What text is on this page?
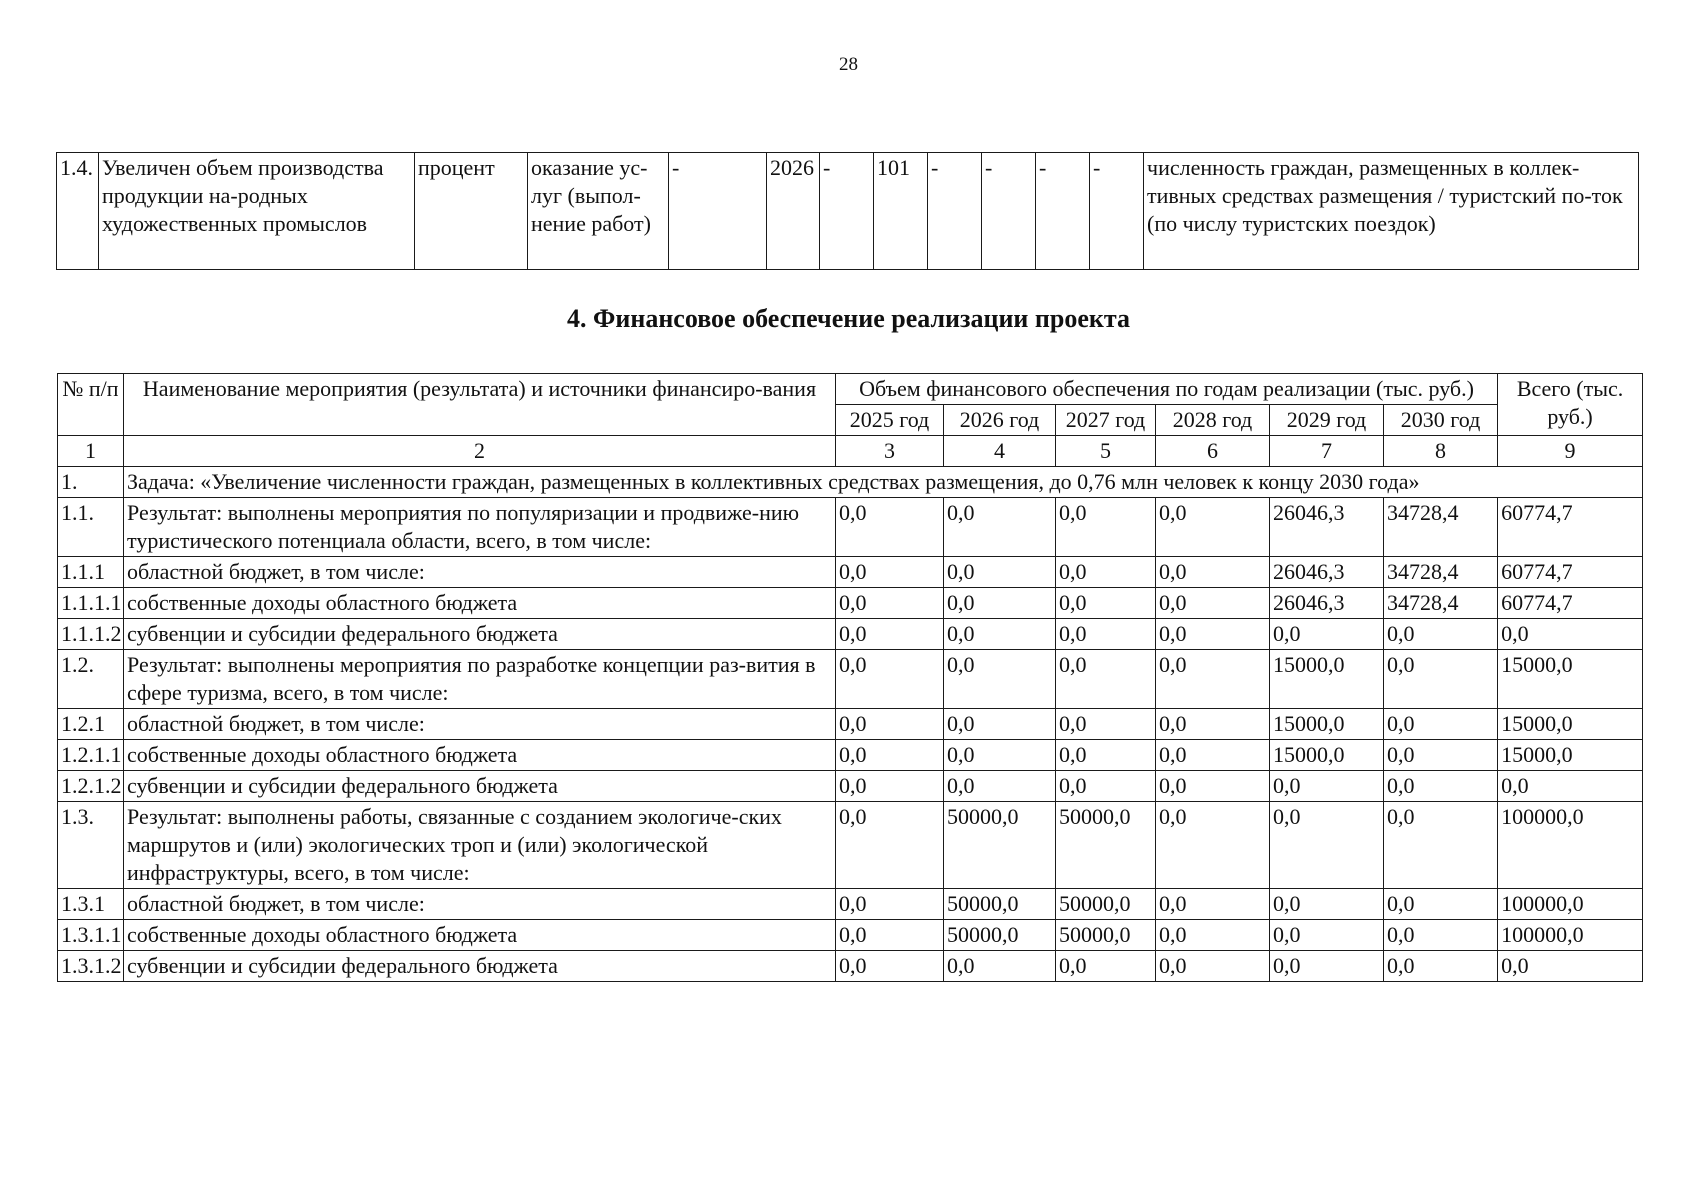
28
1.4.	Увеличен объем производства продукции на-родных художественных промыслов	процент	оказание ус-луг (выпол-нение работ)	-	2026	-	101	-	-	-	-	численность граждан, размещенных в коллек-тивных средствах размещения / туристский по-ток (по числу туристских поездок)
4. Финансовое обеспечение реализации проекта
№ п/п	Наименование мероприятия (результата) и источники финансиро-вания	Объем финансового обеспечения по годам реализации (тыс. руб.)						Всего (тыс. руб.)
		2025 год	2026 год	2027 год	2028 год	2029 год	2030 год	
1	2	3	4	5	6	7	8	9
1.	Задача: «Увеличение численности граждан, размещенных в коллективных средствах размещения, до 0,76 млн человек к концу 2030 года»							
1.1.	Результат: выполнены мероприятия по популяризации и продвиже-нию туристического потенциала области, всего, в том числе:	0,0	0,0	0,0	0,0	26046,3	34728,4	60774,7
1.1.1	областной бюджет, в том числе:	0,0	0,0	0,0	0,0	26046,3	34728,4	60774,7
1.1.1.1	собственные доходы областного бюджета	0,0	0,0	0,0	0,0	26046,3	34728,4	60774,7
1.1.1.2	субвенции и субсидии федерального бюджета	0,0	0,0	0,0	0,0	0,0	0,0	0,0
1.2.	Результат: выполнены мероприятия по разработке концепции раз-вития в сфере туризма, всего, в том числе:	0,0	0,0	0,0	0,0	15000,0	0,0	15000,0
1.2.1	областной бюджет, в том числе:	0,0	0,0	0,0	0,0	15000,0	0,0	15000,0
1.2.1.1	собственные доходы областного бюджета	0,0	0,0	0,0	0,0	15000,0	0,0	15000,0
1.2.1.2	субвенции и субсидии федерального бюджета	0,0	0,0	0,0	0,0	0,0	0,0	0,0
1.3.	Результат: выполнены работы, связанные с созданием экологиче-ских маршрутов и (или) экологических троп и (или) экологической инфраструктуры, всего, в том числе:	0,0	50000,0	50000,0	0,0	0,0	0,0	100000,0
1.3.1	областной бюджет, в том числе:	0,0	50000,0	50000,0	0,0	0,0	0,0	100000,0
1.3.1.1	собственные доходы областного бюджета	0,0	50000,0	50000,0	0,0	0,0	0,0	100000,0
1.3.1.2	субвенции и субсидии федерального бюджета	0,0	0,0	0,0	0,0	0,0	0,0	0,0
